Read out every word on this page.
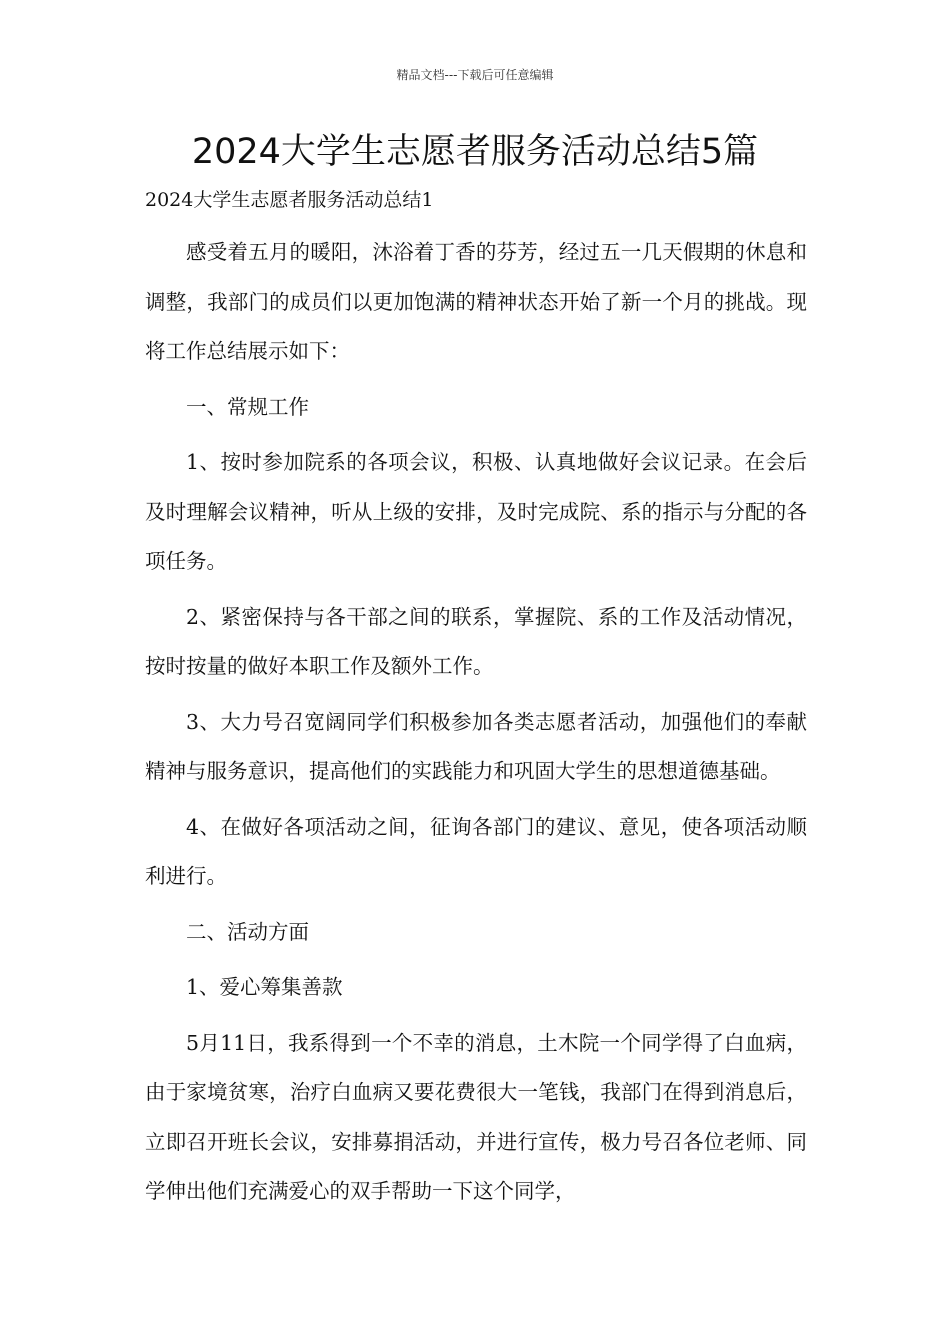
精品文档---下载后可任意编辑
2024大学生志愿者服务活动总结5篇

2024大学生志愿者服务活动总结1

感受着五月的暖阳，沐浴着丁香的芬芳，经过五一几天假期的休息和调整，我部门的成员们以更加饱满的精神状态开始了新一个月的挑战。现将工作总结展示如下：

一、常规工作

1、按时参加院系的各项会议，积极、认真地做好会议记录。在会后及时理解会议精神，听从上级的安排，及时完成院、系的指示与分配的各项任务。

2、紧密保持与各干部之间的联系，掌握院、系的工作及活动情况，按时按量的做好本职工作及额外工作。

3、大力号召宽阔同学们积极参加各类志愿者活动，加强他们的奉献精神与服务意识，提高他们的实践能力和巩固大学生的思想道德基础。

4、在做好各项活动之间，征询各部门的建议、意见，使各项活动顺利进行。

二、活动方面

1、爱心筹集善款

5月11日，我系得到一个不幸的消息，土木院一个同学得了白血病，由于家境贫寒，治疗白血病又要花费很大一笔钱，我部门在得到消息后，立即召开班长会议，安排募捐活动，并进行宣传，极力号召各位老师、同学伸出他们充满爱心的双手帮助一下这个同学，
